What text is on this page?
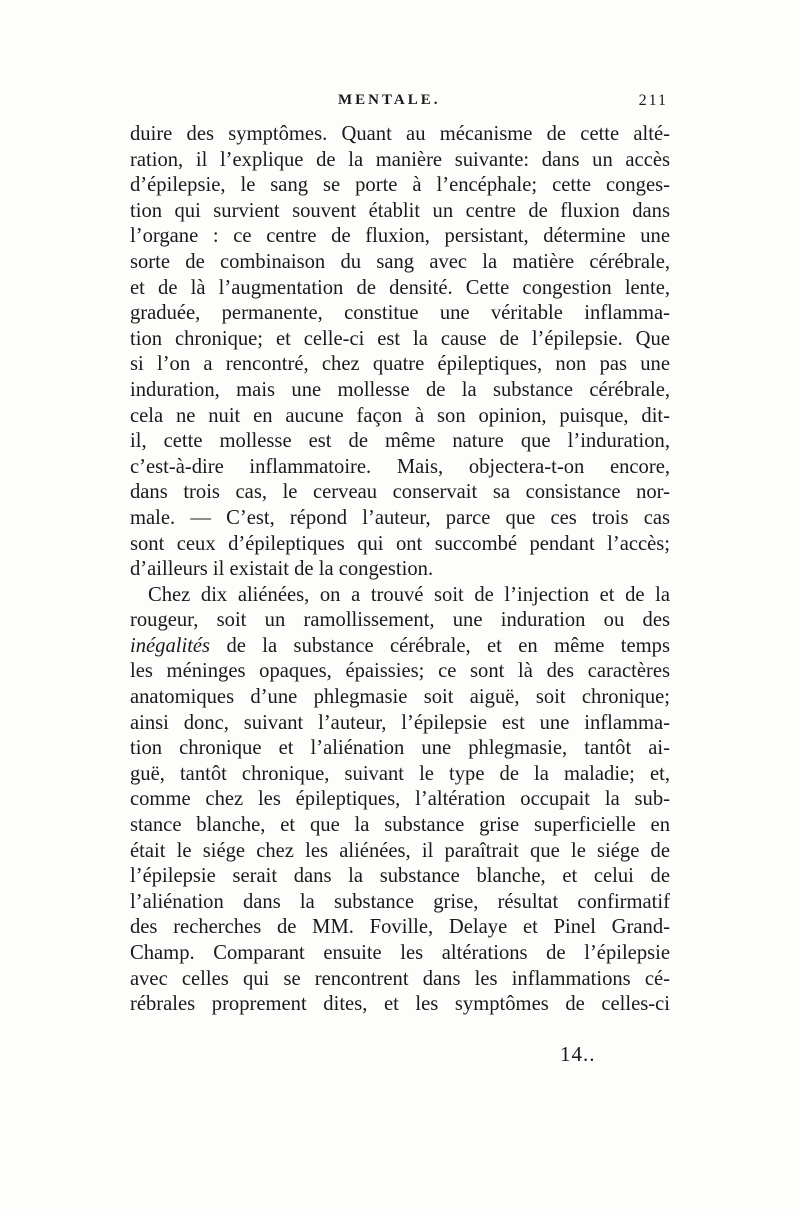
MENTALE.	211
duire des symptômes. Quant au mécanisme de cette alté-
ration, il l’explique de la manière suivante: dans un accès
d’épilepsie, le sang se porte à l’encéphale; cette conges-
tion qui survient souvent établit un centre de fluxion dans
l’organe : ce centre de fluxion, persistant, détermine une
sorte de combinaison du sang avec la matière cérébrale,
et de là l’augmentation de densité. Cette congestion lente,
graduée, permanente, constitue une véritable inflamma-
tion chronique; et celle-ci est la cause de l’épilepsie. Que
si l’on a rencontré, chez quatre épileptiques, non pas une
induration, mais une mollesse de la substance cérébrale,
cela ne nuit en aucune façon à son opinion, puisque, dit-
il, cette mollesse est de même nature que l’induration,
c’est-à-dire inflammatoire. Mais, objectera-t-on encore,
dans trois cas, le cerveau conservait sa consistance nor-
male. — C’est, répond l’auteur, parce que ces trois cas
sont ceux d’épileptiques qui ont succombé pendant l’accès;
d’ailleurs il existait de la congestion.
Chez dix aliénées, on a trouvé soit de l’injection et de la
rougeur, soit un ramollissement, une induration ou des
inégalités de la substance cérébrale, et en même temps
les méninges opaques, épaissies; ce sont là des caractères
anatomiques d’une phlegmasie soit aiguë, soit chronique;
ainsi donc, suivant l’auteur, l’épilepsie est une inflamma-
tion chronique et l’aliénation une phlegmasie, tantôt ai-
guë, tantôt chronique, suivant le type de la maladie; et,
comme chez les épileptiques, l’altération occupait la sub-
stance blanche, et que la substance grise superficielle en
était le siége chez les aliénées, il paraîtrait que le siége de
l’épilepsie serait dans la substance blanche, et celui de
l’aliénation dans la substance grise, résultat confirmatif
des recherches de MM. Foville, Delaye et Pinel Grand-
Champ. Comparant ensuite les altérations de l’épilepsie
avec celles qui se rencontrent dans les inflammations cé-
rébrales proprement dites, et les symptômes de celles-ci
14..
